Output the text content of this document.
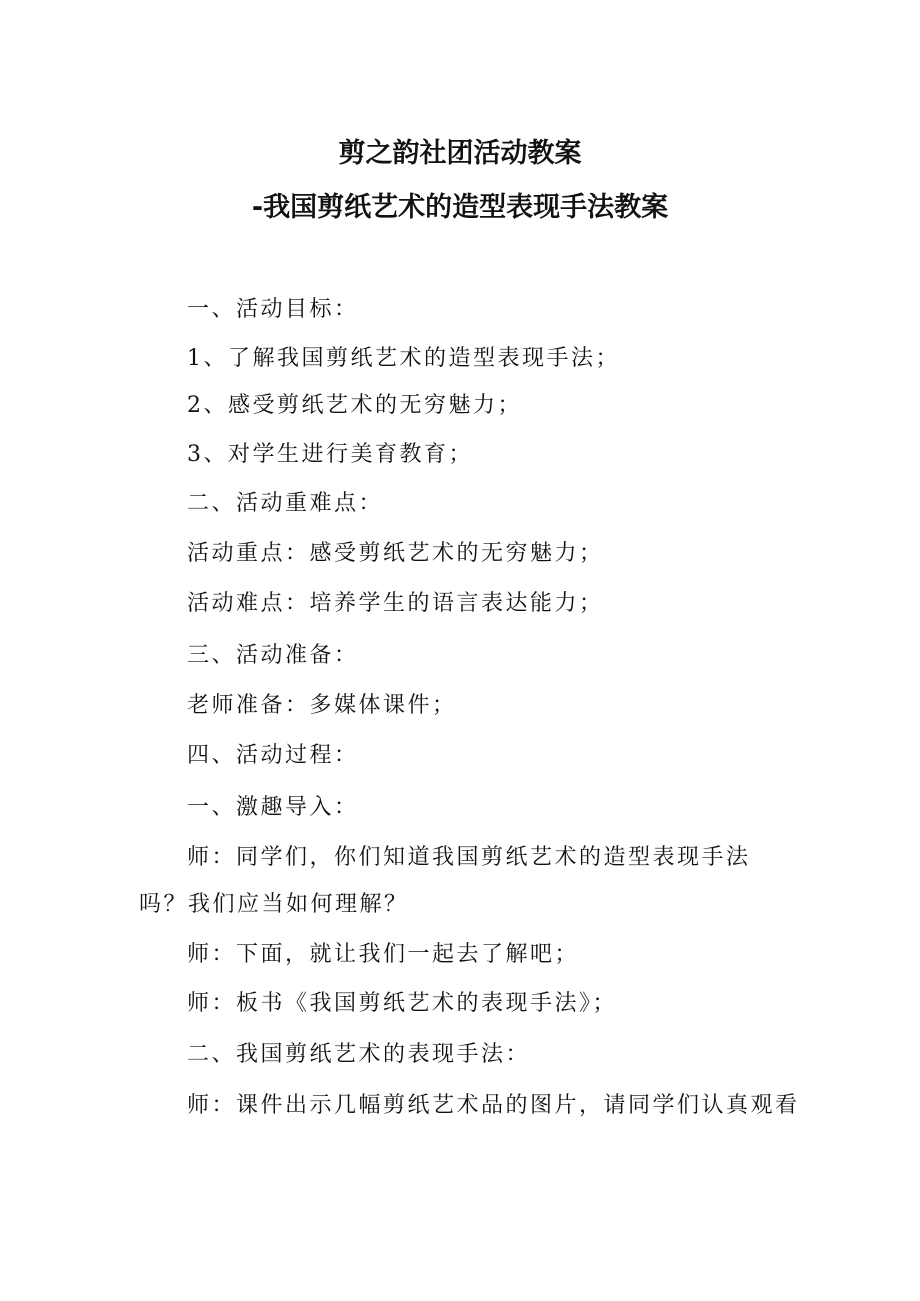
剪之韵社团活动教案
-我国剪纸艺术的造型表现手法教案
一、活动目标：
1、了解我国剪纸艺术的造型表现手法；
2、感受剪纸艺术的无穷魅力；
3、对学生进行美育教育；
二、活动重难点：
活动重点：感受剪纸艺术的无穷魅力；
活动难点：培养学生的语言表达能力；
三、活动准备：
老师准备：多媒体课件；
四、活动过程：
一、激趣导入：
师：同学们，你们知道我国剪纸艺术的造型表现手法
吗？我们应当如何理解？
师：下面，就让我们一起去了解吧；
师：板书《我国剪纸艺术的表现手法》；
二、我国剪纸艺术的表现手法：
师：课件出示几幅剪纸艺术品的图片，请同学们认真观看
